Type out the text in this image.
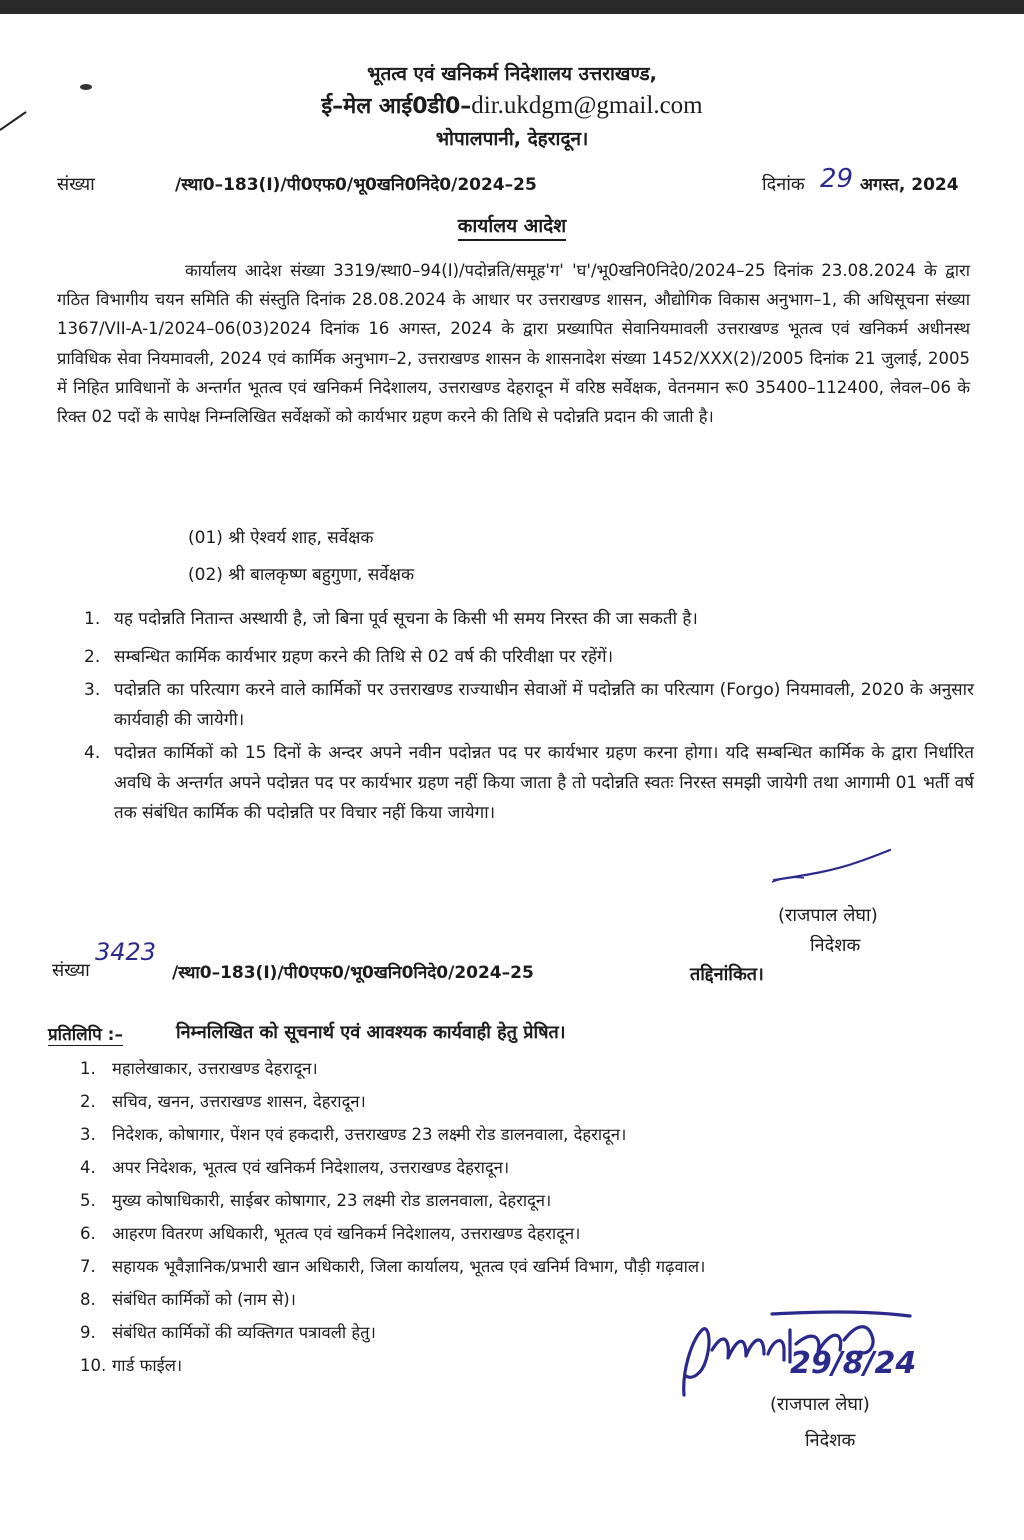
भूतत्व एवं खनिकर्म निदेशालय उत्तराखण्ड,
ई–मेल आई0डी0–dir.ukdgm@gmail.com
भोपालपानी, देहरादून।
संख्या	/स्था0–183(I)/पी0एफ0/भू0खनि0निदे0/2024–25	दिनांक 29 अगस्त, 2024
कार्यालय आदेश
कार्यालय आदेश संख्या 3319/स्था0–94(I)/पदोन्नति/समूह'ग' 'घ'/भू0खनि0निदे0/2024–25 दिनांक 23.08.2024 के द्वारा गठित विभागीय चयन समिति की संस्तुति दिनांक 28.08.2024 के आधार पर उत्तराखण्ड शासन, औद्योगिक विकास अनुभाग–1, की अधिसूचना संख्या 1367/VII-A-1/2024–06(03)2024 दिनांक 16 अगस्त, 2024 के द्वारा प्रख्यापित सेवानियमावली उत्तराखण्ड भूतत्व एवं खनिकर्म अधीनस्थ प्राविधिक सेवा नियमावली, 2024 एवं कार्मिक अनुभाग–2, उत्तराखण्ड शासन के शासनादेश संख्या 1452/XXX(2)/2005 दिनांक 21 जुलाई, 2005 में निहित प्राविधानों के अन्तर्गत भूतत्व एवं खनिकर्म निदेशालय, उत्तराखण्ड देहरादून में वरिष्ठ सर्वेक्षक, वेतनमान रू0 35400–112400, लेवल–06 के रिक्त 02 पदों के सापेक्ष निम्नलिखित सर्वेक्षकों को कार्यभार ग्रहण करने की तिथि से पदोन्नति प्रदान की जाती है।
(01) श्री ऐश्वर्य शाह, सर्वेक्षक
(02) श्री बालकृष्ण बहुगुणा, सर्वेक्षक
1. यह पदोन्नति नितान्त अस्थायी है, जो बिना पूर्व सूचना के किसी भी समय निरस्त की जा सकती है।
2. सम्बन्धित कार्मिक कार्यभार ग्रहण करने की तिथि से 02 वर्ष की परिवीक्षा पर रहेंगें।
3. पदोन्नति का परित्याग करने वाले कार्मिकों पर उत्तराखण्ड राज्याधीन सेवाओं में पदोन्नति का परित्याग (Forgo) नियमावली, 2020 के अनुसार कार्यवाही की जायेगी।
4. पदोन्नत कार्मिकों को 15 दिनों के अन्दर अपने नवीन पदोन्नत पद पर कार्यभार ग्रहण करना होगा। यदि सम्बन्धित कार्मिक के द्वारा निर्धारित अवधि के अन्तर्गत अपने पदोन्नत पद पर कार्यभार ग्रहण नहीं किया जाता है तो पदोन्नति स्वतः निरस्त समझी जायेगी तथा आगामी 01 भर्ती वर्ष तक संबंधित कार्मिक की पदोन्नति पर विचार नहीं किया जायेगा।
(राजपाल लेघा)
निदेशक
संख्या
3423
/स्था0–183(I)/पी0एफ0/भू0खनि0निदे0/2024–25	तद्दिनांकित।
प्रतिलिपि :–	निम्नलिखित को सूचनार्थ एवं आवश्यक कार्यवाही हेतु प्रेषित।
1. महालेखाकार, उत्तराखण्ड देहरादून।
2. सचिव, खनन, उत्तराखण्ड शासन, देहरादून।
3. निदेशक, कोषागार, पेंशन एवं हकदारी, उत्तराखण्ड 23 लक्ष्मी रोड डालनवाला, देहरादून।
4. अपर निदेशक, भूतत्व एवं खनिकर्म निदेशालय, उत्तराखण्ड देहरादून।
5. मुख्य कोषाधिकारी, साईबर कोषागार, 23 लक्ष्मी रोड डालनवाला, देहरादून।
6. आहरण वितरण अधिकारी, भूतत्व एवं खनिकर्म निदेशालय, उत्तराखण्ड देहरादून।
7. सहायक भूवैज्ञानिक/प्रभारी खान अधिकारी, जिला कार्यालय, भूतत्व एवं खनिर्म विभाग, पौड़ी गढ़वाल।
8. संबंधित कार्मिकों को (नाम से)।
9. संबंधित कार्मिकों की व्यक्तिगत पत्रावली हेतु।
10. गार्ड फाईल।	29/8/24
(राजपाल लेघा)
निदेशक
